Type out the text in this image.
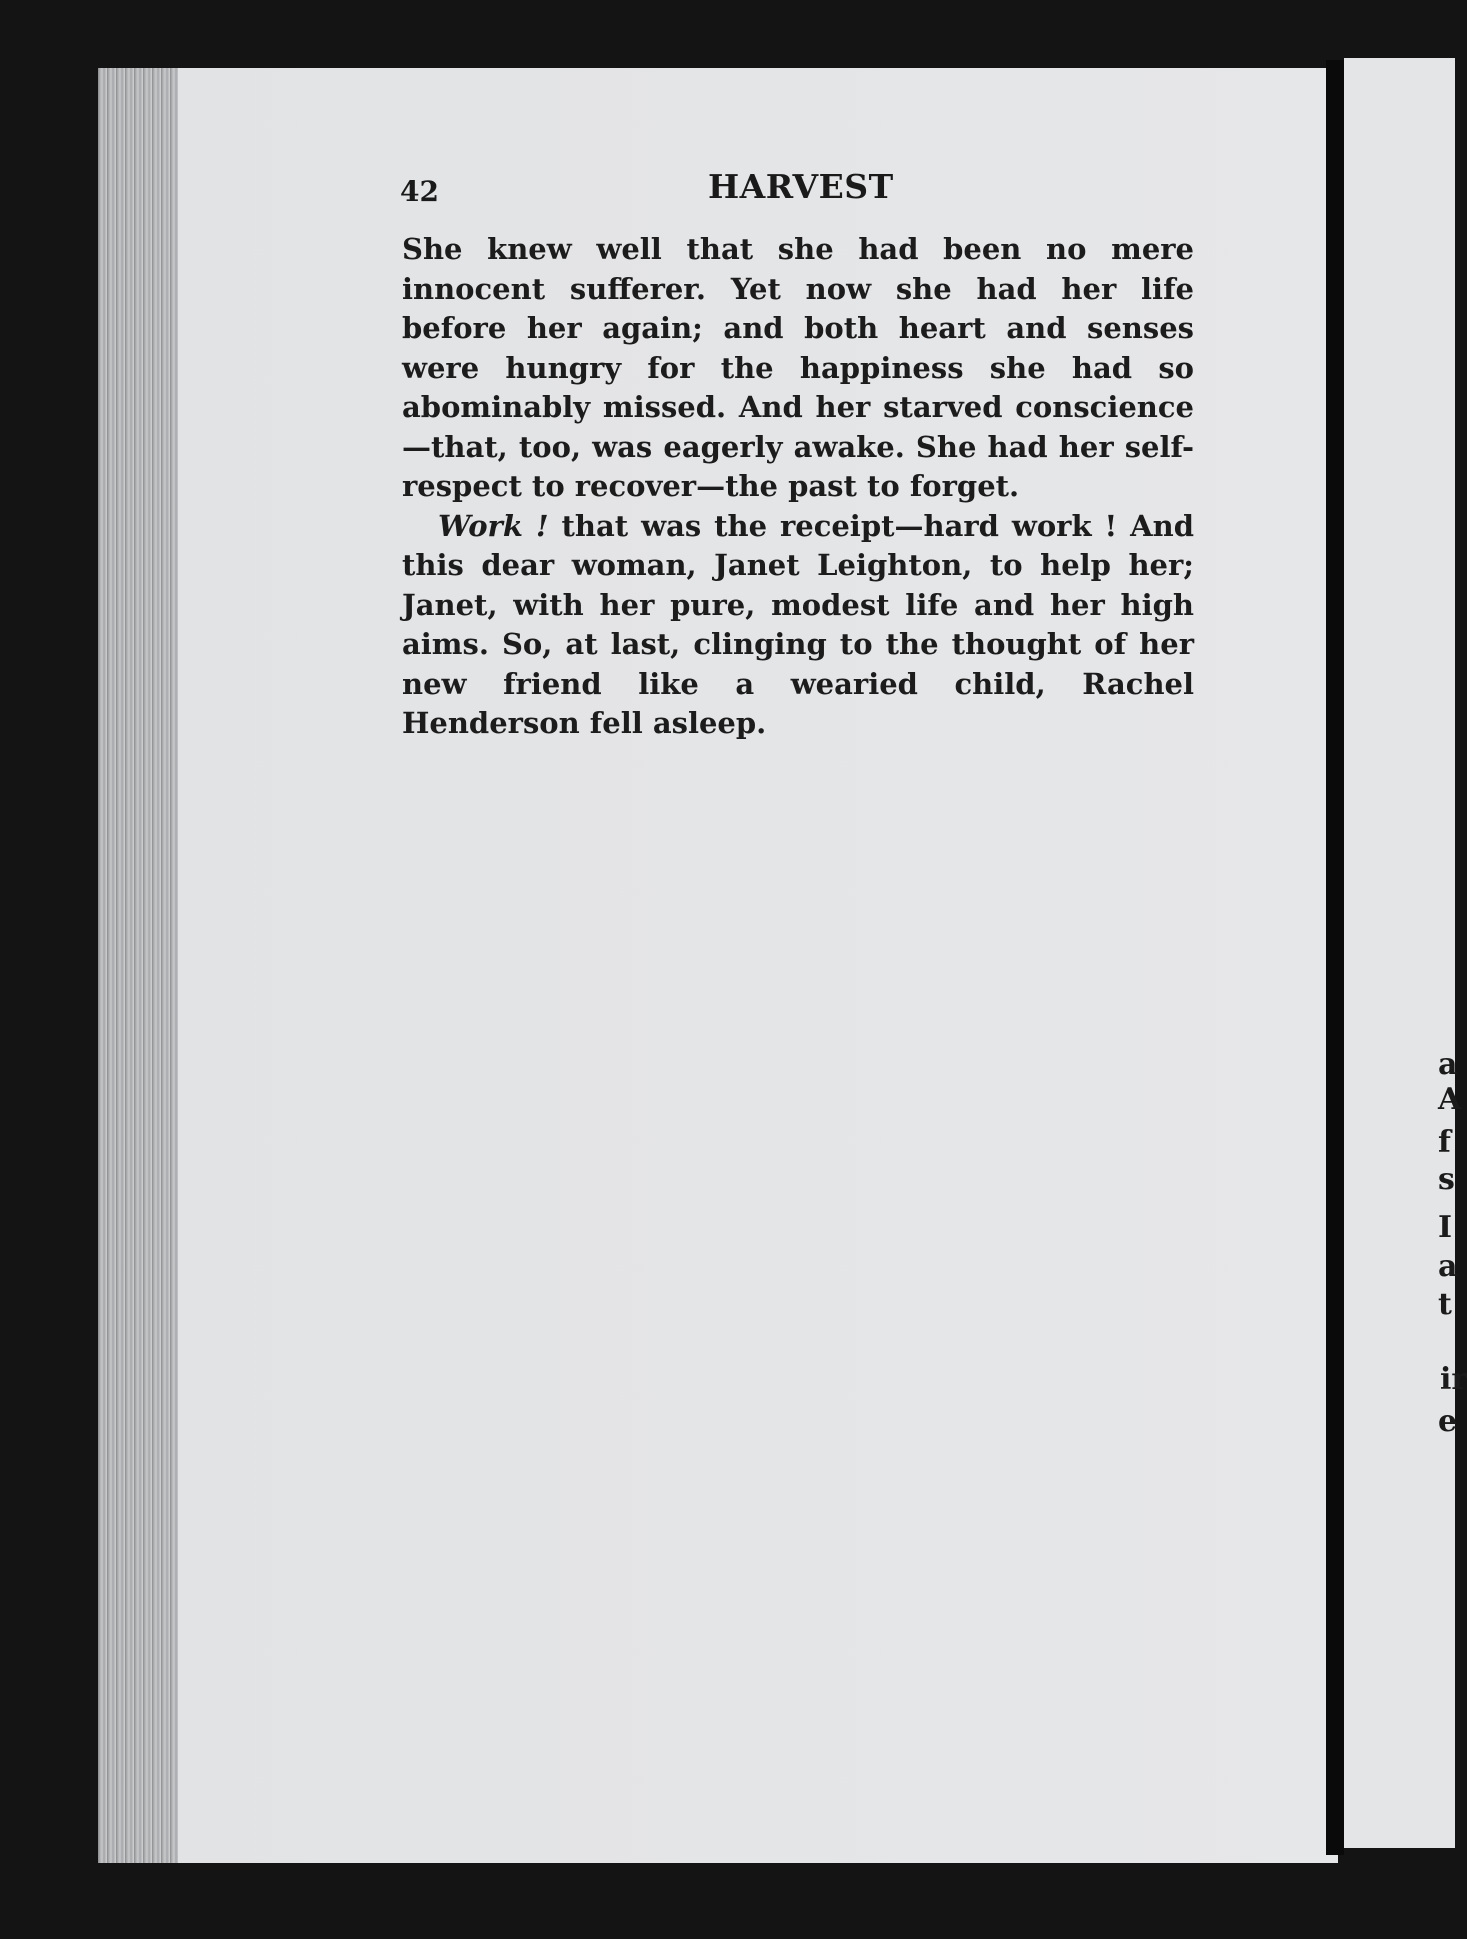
a
A
f
s
I
a
t
ir
e
42	HARVEST

She knew well that she had been no mere innocent sufferer. Yet now she had her life before her again; and both heart and senses were hungry for the happiness she had so abominably missed. And her starved conscience—that, too, was eagerly awake. She had her self-respect to recover—the past to forget.

Work ! that was the receipt—hard work ! And this dear woman, Janet Leighton, to help her; Janet, with her pure, modest life and her high aims. So, at last, clinging to the thought of her new friend like a wearied child, Rachel Henderson fell asleep.
